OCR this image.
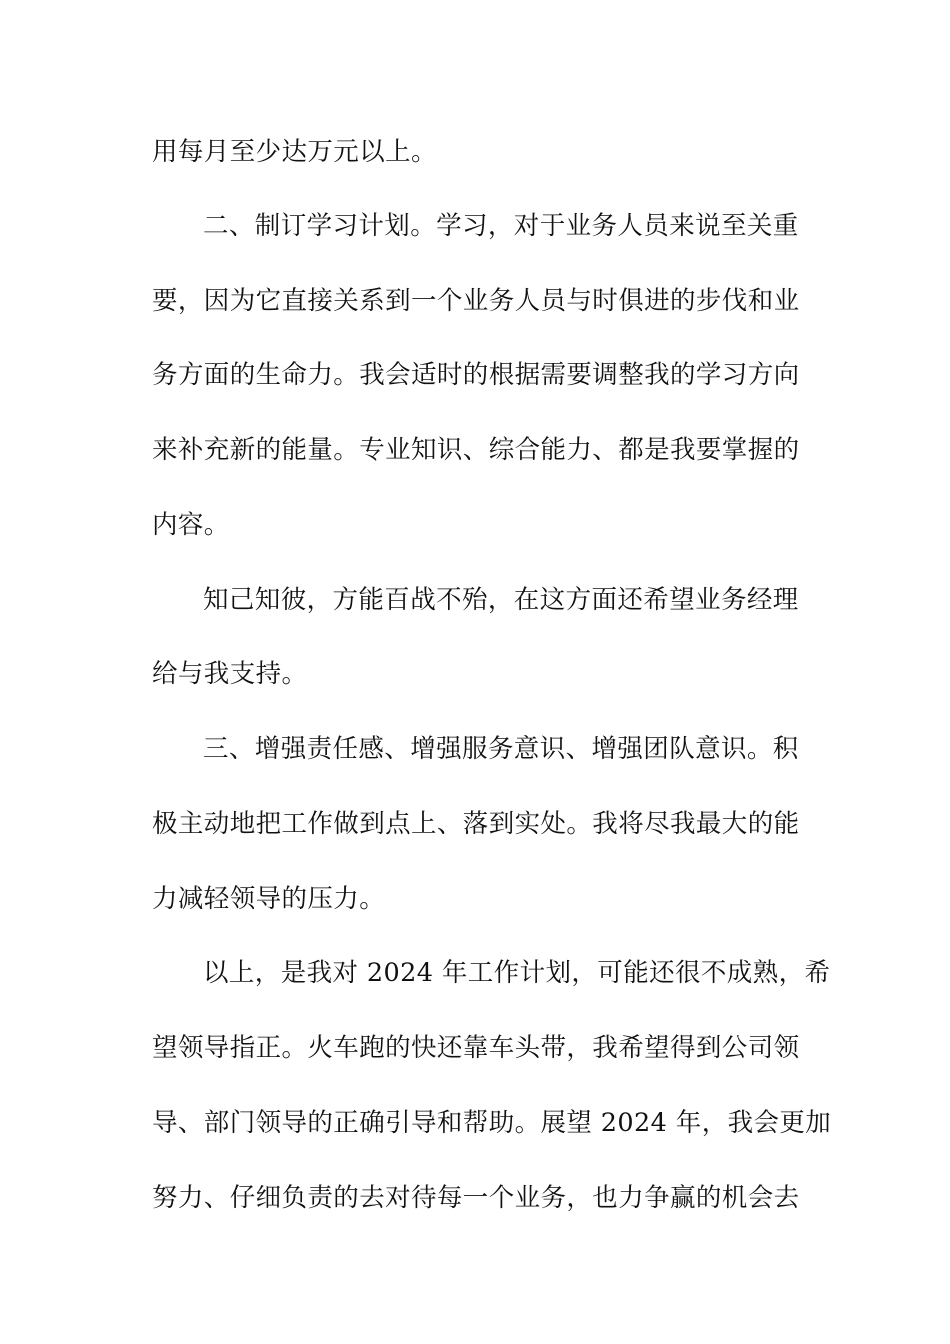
用每月至少达万元以上。
二、制订学习计划。学习，对于业务人员来说至关重
要，因为它直接关系到一个业务人员与时俱进的步伐和业
务方面的生命力。我会适时的根据需要调整我的学习方向
来补充新的能量。专业知识、综合能力、都是我要掌握的
内容。
知己知彼，方能百战不殆，在这方面还希望业务经理
给与我支持。
三、增强责任感、增强服务意识、增强团队意识。积
极主动地把工作做到点上、落到实处。我将尽我最大的能
力减轻领导的压力。
以上，是我对 2024 年工作计划，可能还很不成熟，希
望领导指正。火车跑的快还靠车头带，我希望得到公司领
导、部门领导的正确引导和帮助。展望 2024 年，我会更加
努力、仔细负责的去对待每一个业务，也力争赢的机会去
